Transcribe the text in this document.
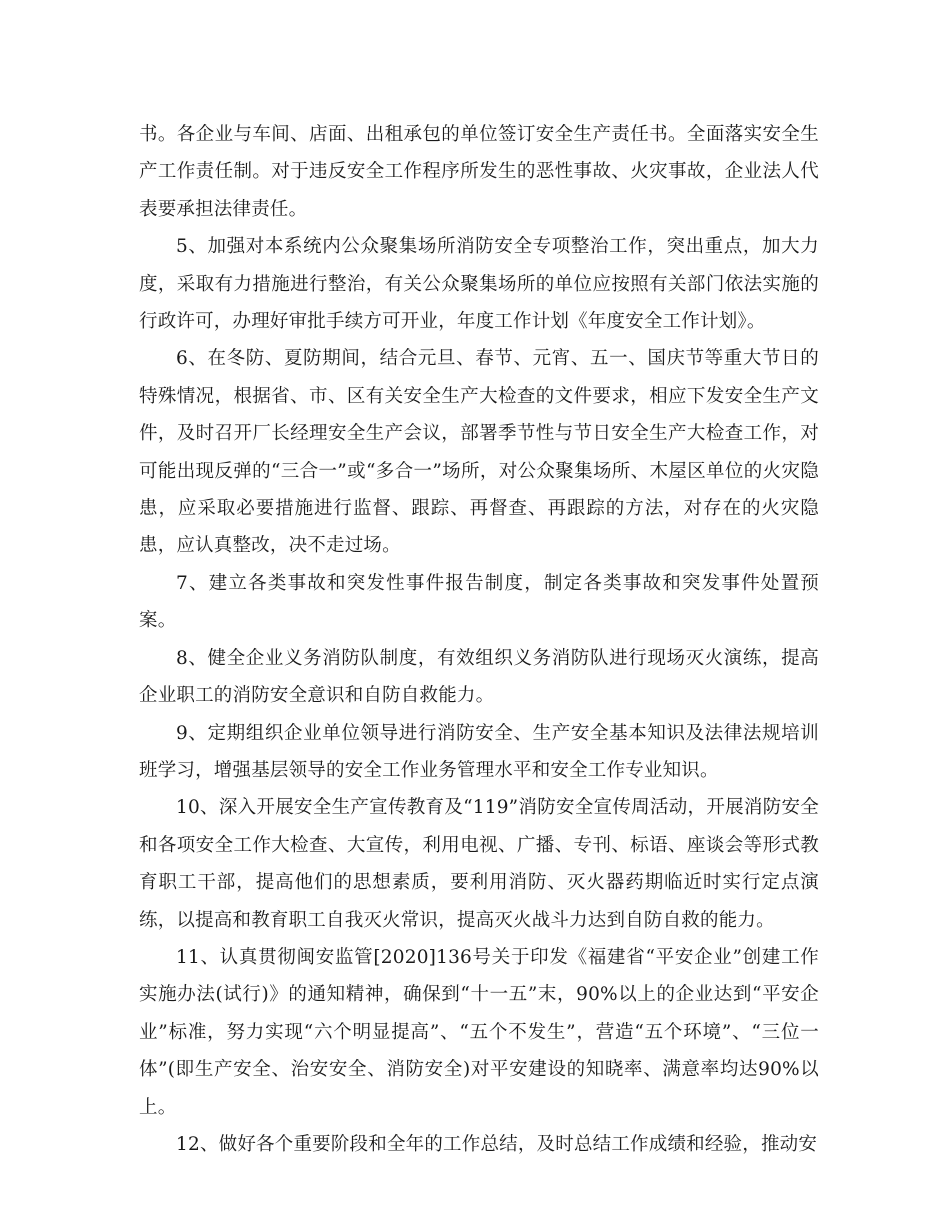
书。各企业与车间、店面、出租承包的单位签订安全生产责任书。全面落实安全生产工作责任制。对于违反安全工作程序所发生的恶性事故、火灾事故，企业法人代表要承担法律责任。

5、加强对本系统内公众聚集场所消防安全专项整治工作，突出重点，加大力度，采取有力措施进行整治，有关公众聚集场所的单位应按照有关部门依法实施的行政许可，办理好审批手续方可开业，年度工作计划《年度安全工作计划》。

6、在冬防、夏防期间，结合元旦、春节、元宵、五一、国庆节等重大节日的特殊情况，根据省、市、区有关安全生产大检查的文件要求，相应下发安全生产文件，及时召开厂长经理安全生产会议，部署季节性与节日安全生产大检查工作，对可能出现反弹的“三合一”或“多合一”场所，对公众聚集场所、木屋区单位的火灾隐患，应采取必要措施进行监督、跟踪、再督查、再跟踪的方法，对存在的火灾隐患，应认真整改，决不走过场。

7、建立各类事故和突发性事件报告制度，制定各类事故和突发事件处置预案。

8、健全企业义务消防队制度，有效组织义务消防队进行现场灭火演练，提高企业职工的消防安全意识和自防自救能力。

9、定期组织企业单位领导进行消防安全、生产安全基本知识及法律法规培训班学习，增强基层领导的安全工作业务管理水平和安全工作专业知识。

10、深入开展安全生产宣传教育及“119”消防安全宣传周活动，开展消防安全和各项安全工作大检查、大宣传，利用电视、广播、专刊、标语、座谈会等形式教育职工干部，提高他们的思想素质，要利用消防、灭火器药期临近时实行定点演练，以提高和教育职工自我灭火常识，提高灭火战斗力达到自防自救的能力。

11、认真贯彻闽安监管[2020]136号关于印发《福建省“平安企业”创建工作实施办法(试行)》的通知精神，确保到“十一五”末，90%以上的企业达到“平安企业”标准，努力实现“六个明显提高”、“五个不发生”，营造“五个环境”、“三位一体”(即生产安全、治安安全、消防安全)对平安建设的知晓率、满意率均达90%以上。

12、做好各个重要阶段和全年的工作总结，及时总结工作成绩和经验，推动安
